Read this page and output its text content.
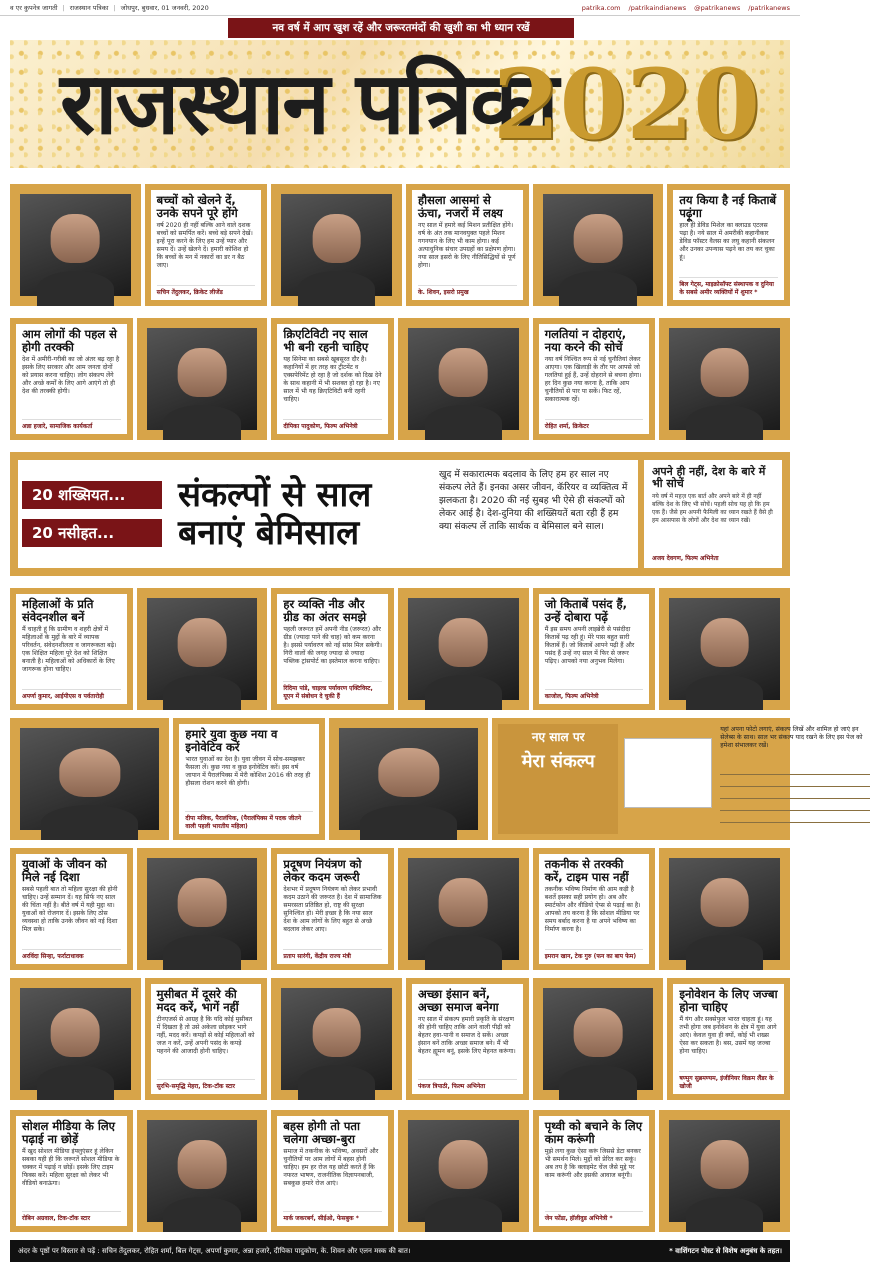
व एर कुपनेत्र जागती | राजस्थान पत्रिका | जोधपुर, बुधवार, 01 जनवरी, 2020	patrika.com /patrikaindianews @patrikanews /patrikanews
नव वर्ष में आप खुश रहें और जरूरतमंदों की खुशी का भी ध्यान रखें
राजस्थान पत्रिका
2020
बच्चों को खेलने दें, उनके सपने पूरे होंगे

वर्ष 2020 ही नहीं बल्कि आने वाले दशक बच्चों को समर्पित करें। बच्चे बड़े सपने देखें। इन्हें पूरा करने के लिए हम उन्हें प्यार और समय दें। उन्हें खेलने दें। हमारी कोशिश हो कि बच्चों के मन में नकारों का डर न बैठ जाए।

सचिन तेंदुलकर, क्रिकेट लीजेंड
हौसला आसमां से ऊंचा, नजरों में लक्ष्य

नए साल में हमारे कई मिशन प्रतीक्षित होंगे। वर्ष के अंत तक मानवयुक्त पहले मिशन गगनयान के लिए भी काम होगा। कई अत्याधुनिक संचार उपग्रहों का प्रक्षेपण होगा। नया साल इसरो के लिए नीतिसिद्धियों से पूर्ण होगा।

के. शिवन, इसरो प्रमुख
तय किया है नई किताबें पढ़ूंगा

हाल ही डेविड मिशेल का क्लाउड एटलस पढ़ा है। नये साल में अमरीकी कहानीकार डेविड फॉस्टर वैलस का लघु कहानी संकलन और उनका उपन्यास पढ़ने का तय कर चुका हूं।

बिल गेट्स, माइक्रोसॉफ्ट संस्थापक व दुनिया के सबसे अमीर व्यक्तियों में शुमार *
आम लोगों की पहल से होगी तरक्की

देश में अमीरी-गरीबी का जो अंतर बढ़ रहा है इसके लिए सरकार और आम जनता दोनों को प्रयास करना चाहिए। लोग संकल्प लेंगे और अच्छे कर्मों के लिए आगे आएंगे तो ही देश की तरक्की होगी।

अन्ना हजारे, सामाजिक कार्यकर्ता
क्रिएटिविटी नए साल भी बनी रहनी चाहिए

यह सिनेमा का सबसे खूबसूरत दौर है। कहानियों में हर तरह का ट्रीटमेंट व एक्सपेरिमेंट हो रहा है जो दर्शक को दिख देने के साथ कहानी में भी सशक्त हो रहा है। नए साल में भी यह क्रिएटिविटी बनी रहनी चाहिए।

दीपिका पादुकोण, फिल्म अभिनेत्री
गलतियां न दोहराएं, नया करने की सोचें

नया वर्ष निश्चित रूप से नई चुनौतियां लेकर आएगा। एक खिलाड़ी के तौर पर आपसे जो गलतियां हुई हैं, उन्हें दोहराने से बचना होगा। हर दिन कुछ नया करना है, ताकि आप चुनौतियों से पार पा सकें। फिट रहें, सकारात्मक रहें।

रोहित शर्मा, क्रिकेटर
20 शख्सियत...
20 नसीहत...
संकल्पों से साल बनाएं बेमिसाल
खुद में सकारात्मक बदलाव के लिए हम हर साल नए संकल्प लेते हैं। इनका असर जीवन, कॅरियर व व्यक्तित्व में झलकता है। 2020 की नई सुबह भी ऐसे ही संकल्पों को लेकर आई है। देश-दुनिया की शख्सियतें बता रही हैं हम क्या संकल्प लें ताकि सार्थक व बेमिसाल बने साल।
अपने ही नहीं, देश के बारे में भी सोचें

नये वर्ष में महज़ एक बार्त और अपने बारे में ही नहीं बल्कि देश के लिए भी सोचें। पहली सोच यह हो कि हम एक हैं। जैसे हम अपनी फैमिली का ध्यान रखते हैं वैसे ही हम आसपास के लोगों और देश का ध्यान रखें।

अजय देवगण, फिल्म अभिनेता
महिलाओं के प्रति संवेदनशील बनें

मैं चाहती हूं कि ग्रामीण व शहरी क्षेत्रों में महिलाओं के मुद्दों के बारे में व्यापक परिवर्तन, संवेदनशीलता व जागरूकता बढ़े। एक शिक्षित महिला पूरे देश को शिक्षित बनाती है। महिलाओं को अधिकारों के लिए जागरूक होना चाहिए।

अपर्णा कुमार, आईपीएस व पर्वतारोही
हर व्यक्ति नीड और ग्रीड का अंतर समझे

पहली जरूरत हमें अपनी नीड (जरूरत) और ग्रीड (ज्यादा पाने की चाह) को कम करना है। इससे पर्यावरण को नई सांस मिल सकेगी। गिरी वालों की जगह ज्यादा से ज्यादा पब्लिक ट्रांसपोर्ट का इस्तेमाल करना चाहिए।

रिदिमा पांडे, चाइल्ड पर्यावरण एक्टिविस्ट, यूएन में संबोधन दे चुकी हैं
जो किताबें पसंद हैं, उन्हें दोबारा पढ़ें

मैं इस समय अपनी लाइब्रेरी से पसंदीदा किताबें पढ़ रही हूं। मेरे पास बहुत सारी किताबें हैं। जो किताबें आपने पढ़ी हैं और पसंद हैं उन्हें नए साल में फिर से जरूर पढ़िए। आपको नया अनुभव मिलेगा।

काजोल, फिल्म अभिनेत्री
हमारे युवा कुछ नया व इनोवेटिव करें

भारत युवाओं का देश है। युवा जीवन में सोच-समझकर फैसला लें। कुछ नया व कुछ इनोवेटिव करें। इस वर्ष जापान में पैरालंपिक्स में मेरी कोशिश 2016 की तरह ही हौसला रोशन करने की होगी।

दीपा मलिक, पैरालंपिक, (पैरालंपिक्स में पदक जीतने वाली पहली भारतीय महिला)
नए साल पर
मेरा संकल्प
यहां अपना फोटो लगाएं, संकल्प लिखें और शामिल हो जाएं इन सेलेब्स के साथ। साल भर संकल्प याद रखने के लिए इस पेज को हमेशा संभालकर रखें।
युवाओं के जीवन को मिले नई दिशा

सबसे पहली बात तो महिला सुरक्षा की होनी चाहिए। उन्हें सम्मान दें। यह सिर्फ नए साल की चिंता नहीं है। बीते वर्ष में यही मुद्दा था। युवाओं को रोजगार दें। इसके लिए ठोस व्यवस्था हो ताकि उनके जीवन को नई दिशा मिल सके।

अरविंदा सिन्हा, फर्राटाधावक
प्रदूषण नियंत्रण को लेकर कदम जरूरी

देशभर में प्रदूषण नियंत्रण को लेकर प्रभावी कदम उठाने की जरूरत है। देश में सामाजिक समरसता प्रतिष्ठित हो, राष्ट्र की सुरक्षा सुनिश्चित हो। मेरी इच्छा है कि नया साल देश के आम लोगों के लिए बहुत से अच्छे बदलाव लेकर आए।

प्रताप सारंगी, केंद्रीय राज्य मंत्री
तकनीक से तरक्की करें, टाइम पास नहीं

तकनीक भविष्य निर्माण की आम कड़ी है बशर्ते इसका सही प्रयोग हो। अब और स्मार्टफोन और वीडियो ऐप्स से पढ़ाई का है। आपको तय करना है कि सोशल मीडिया पर समय बर्बाद करना है या अपने भविष्य का निर्माण करना है।

इमरान खान, टेक गुरु (फन का बाप फेम)
मुसीबत में दूसरे की मदद करें, भागें नहीं

टीनएजर्स से आग्रह है कि यदि कोई मुसीबत में दिखता है तो उसे अकेला छोड़कर भागे नहीं, मदद करें। कपड़ों से कोई महिलाओं को जज न करें, उन्हें अपनी पसंद के कपड़े पहनने की आजादी होनी चाहिए।

सुरभि-समृद्धि मेहरा, टिक-टॉक स्टार
अच्छा इंसान बनें, अच्छा समाज बनेगा

नए साल में संकल्प हमारी प्रकृति के संरक्षण की होनी चाहिए ताकि आने वाली पीढ़ी को बेहतर हवा-पानी व समाज दे सकें। अच्छा इंसान बनें ताकि अच्छा समाज बने। मैं भी बेहतर ह्यूमन बनूं, इसके लिए मेहनत करूंगा।

पंकज त्रिपाठी, फिल्म अभिनेता
इनोवेशन के लिए जज्बा होना चाहिए

मैं यंग और सक्सेफुल भारत चाहता हूं। यह तभी होगा जब इनोवेशन के क्षेत्र में युवा आगे आएं। केवल युवा ही क्यों, कोई भी शख्स ऐसा कर सकता है। बस, उसमें यह जज्बा होना चाहिए।

षण्मुग सुब्रमण्यम, इंजीनियर विक्रम लैंडर के खोजी
सोशल मीडिया के लिए पढ़ाई ना छोड़ें

मैं खुद सोशल मीडिया इंफ्लुएंसर हूं लेकिन सबका यही ही कि जरूरतें सोशल मीडिया के चक्कर में पढ़ाई न छोड़ें। इसके लिए टाइम फिक्स करें। महिला सुरक्षा को लेकर भी वीडियो बनाऊंगा।

रोबिन अग्रवाल, टिक-टॉक स्टार
बहस होगी तो पता चलेगा अच्छा-बुरा

समाज में तकनीक के भविष्य, अवसरों और चुनौतियों पर आम लोगों में बहस होनी चाहिए। हम हर रोज यह छोटी करते हैं कि नफरत भाषण, राजनीतिक विज्ञापनबाजी, सबकुछ हमारे रोज आएं।

मार्क जकरबर्ग, सीईओ, फेसबुक *
पृथ्वी को बचाने के लिए काम करूंगी

मुझे लगा कुछ ऐसा करूं जिससे डेटा बनकर भी समर्थन मिले। मुद्दों को प्रेरित कर सकूं। अब तय है कि क्लाइमेट चेंज जैसे मुद्दे पर काम करूंगी और इसकी आवाज बनूंगी।

जेन फोंडा, हॉलीवुड अभिनेत्री *
अंदर के पृष्ठों पर विस्तार से पढ़ें : सचिन तेंदुलकर, रोहित शर्मा, बिल गेट्स, अपर्णा कुमार, अन्ना हजारे, दीपिका पादुकोण, के. शिवन और एलन मस्क की बात।	* वाशिंगटन पोस्ट से विशेष अनुबंध के तहत।
